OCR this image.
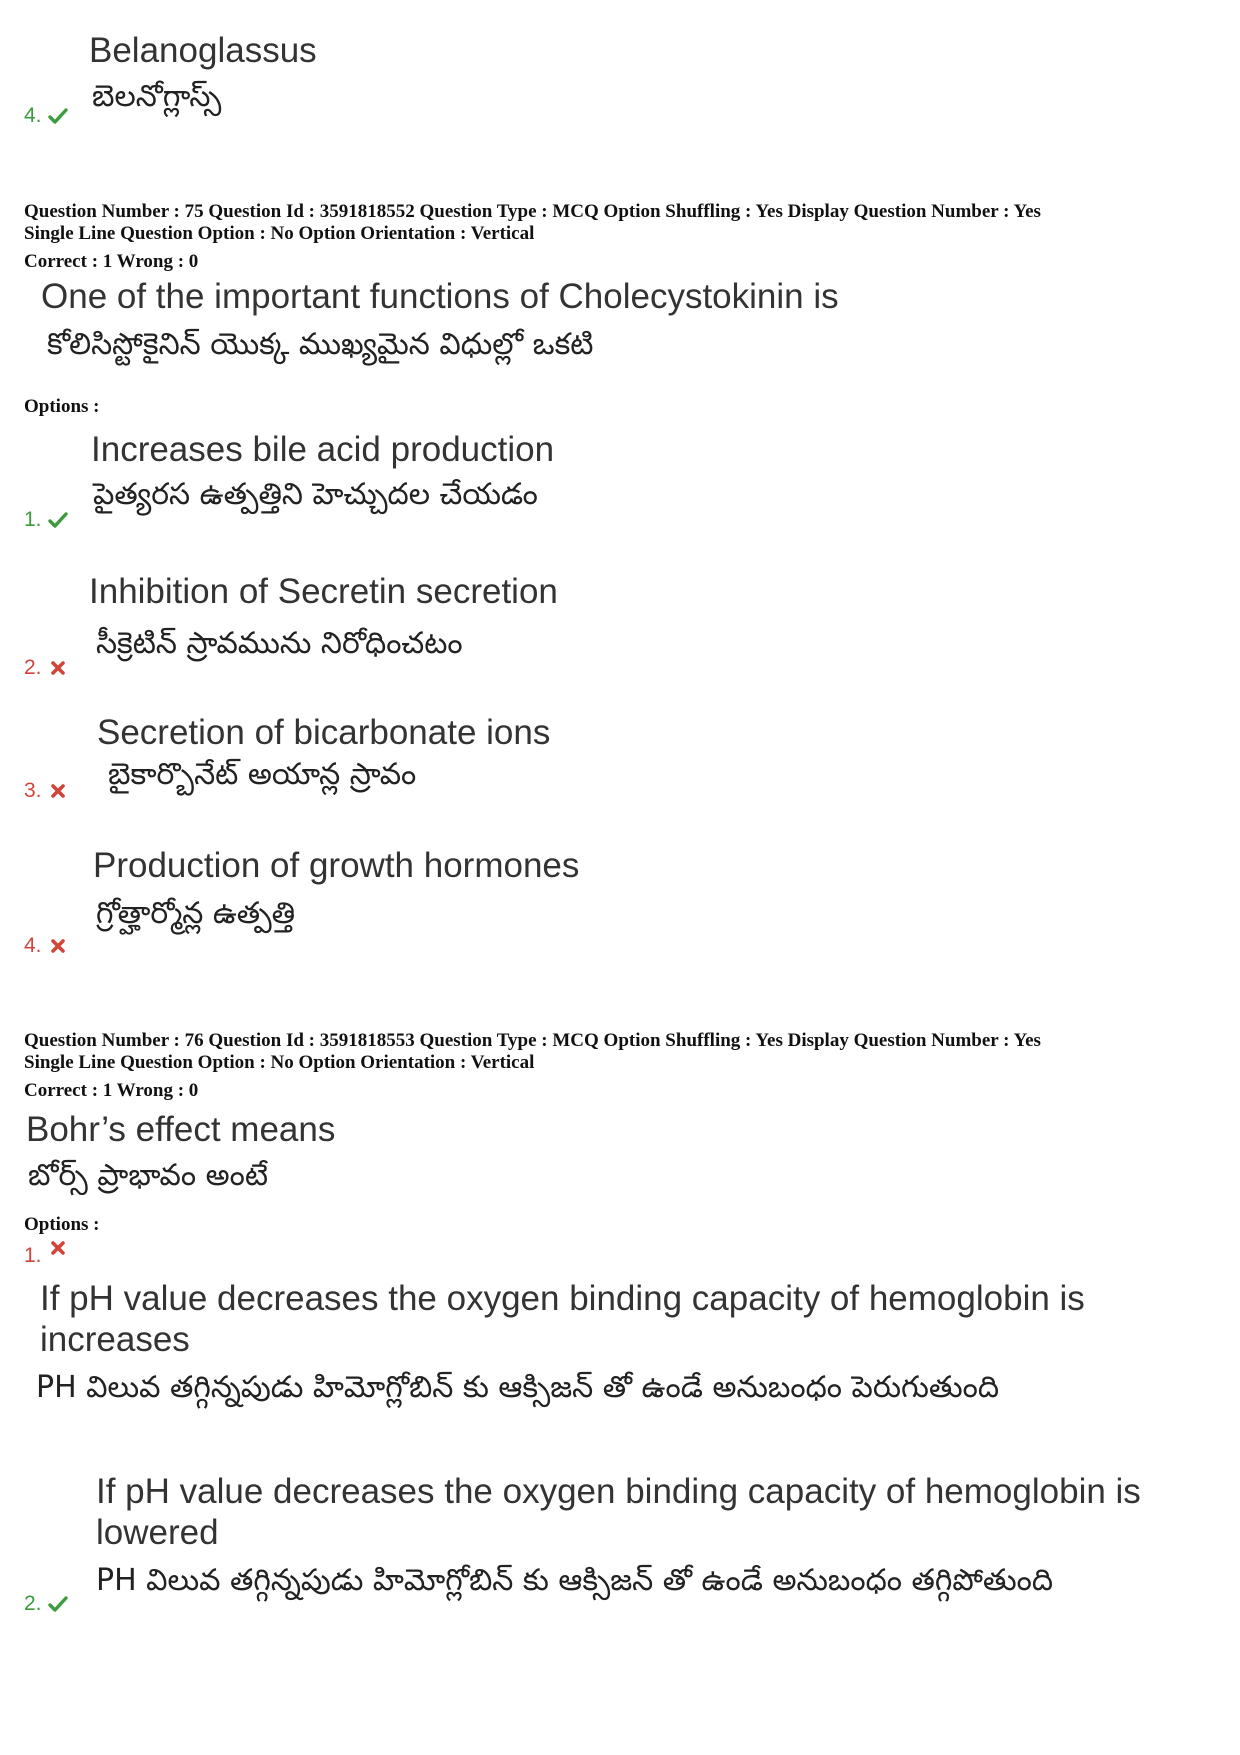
Belanoglassus
బెలనోగ్లాస్స్
4.
Question Number : 75 Question Id : 3591818552 Question Type : MCQ Option Shuffling : Yes Display Question Number : Yes
Single Line Question Option : No Option Orientation : Vertical
Correct : 1 Wrong : 0
One of the important functions of Cholecystokinin is
కోలిసిస్టోకైనిన్ యొక్క ముఖ్యమైన విధుల్లో ఒకటి
Options :
Increases bile acid production
పైత్యరస ఉత్పత్తిని హెచ్చుదల చేయడం
1.
Inhibition of Secretin secretion
సీక్రెటిన్ స్రావమును నిరోధించటం
2.
Secretion of bicarbonate ions
బైకార్బొనేట్ అయాన్ల స్రావం
3.
Production of growth hormones
గ్రోత్హార్మోన్ల ఉత్పత్తి
4.
Question Number : 76 Question Id : 3591818553 Question Type : MCQ Option Shuffling : Yes Display Question Number : Yes
Single Line Question Option : No Option Orientation : Vertical
Correct : 1 Wrong : 0
Bohr’s effect means
బోర్స్ ప్రాభావం అంటే
Options :
1.
If pH value decreases the oxygen binding capacity of hemoglobin is
increases
PH విలువ తగ్గిన్నపుడు హిమోగ్లోబిన్ కు ఆక్సిజన్ తో ఉండే అనుబంధం పెరుగుతుంది
If pH value decreases the oxygen binding capacity of hemoglobin is
lowered
PH విలువ తగ్గిన్నపుడు హిమోగ్లోబిన్ కు ఆక్సిజన్ తో ఉండే అనుబంధం తగ్గిపోతుంది
2.
